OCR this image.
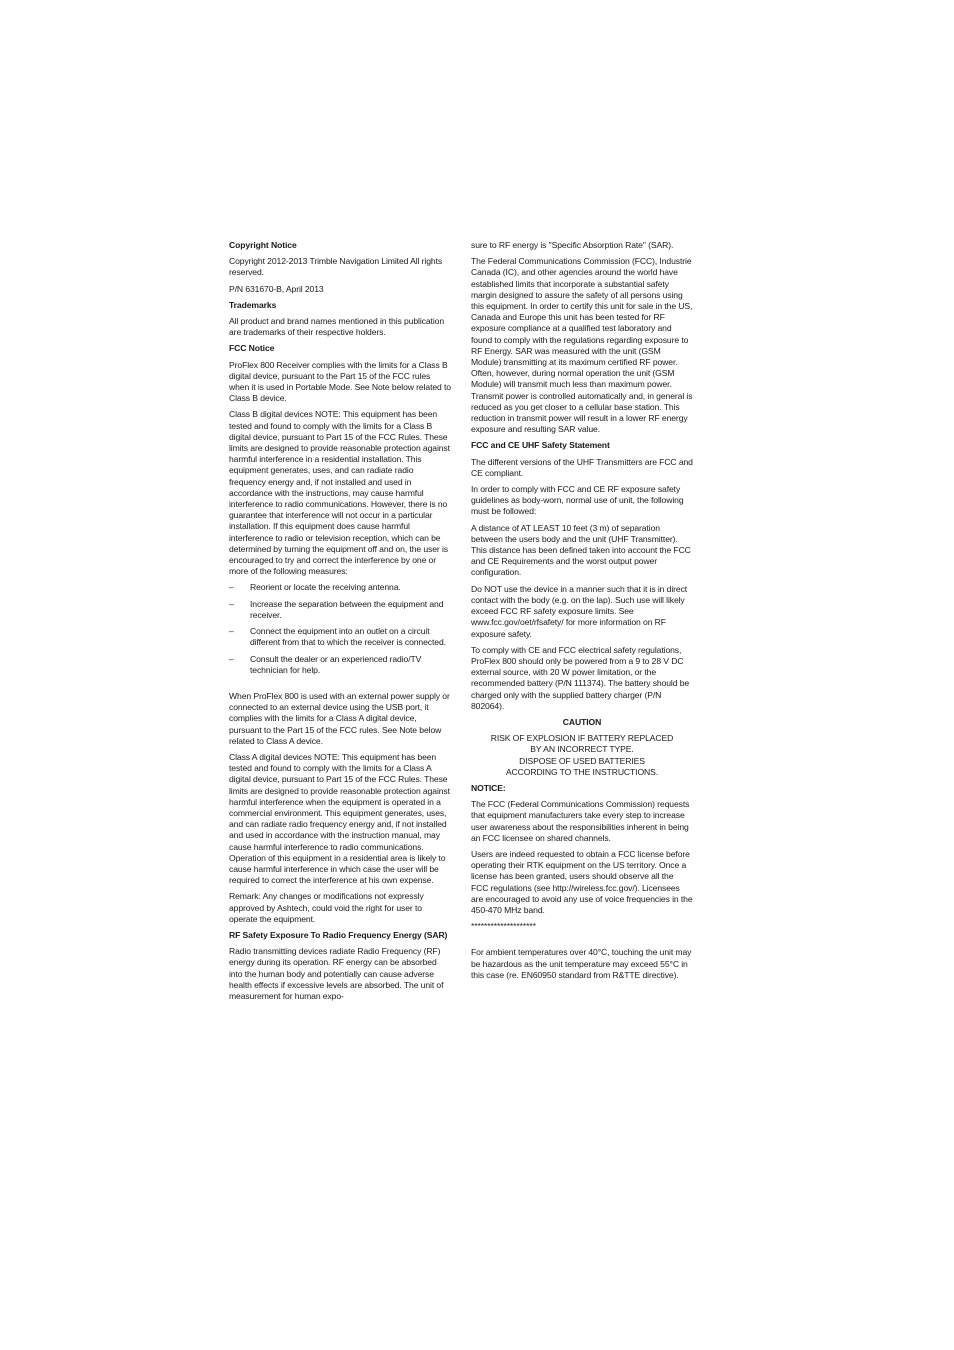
Copyright Notice

Copyright 2012-2013 Trimble Navigation Limited All rights reserved.

P/N 631670-B, April 2013

Trademarks

All product and brand names mentioned in this publication are trademarks of their respective holders.

FCC Notice

ProFlex 800 Receiver complies with the limits for a Class B digital device, pursuant to the Part 15 of the FCC rules when it is used in Portable Mode. See Note below related to Class B device.

Class B digital devices NOTE: This equipment has been tested and found to comply with the limits for a Class B digital device, pursuant to Part 15 of the FCC Rules. These limits are designed to provide reasonable protection against harmful interference in a residential installation. This equipment generates, uses, and can radiate radio frequency energy and, if not installed and used in accordance with the instructions, may cause harmful interference to radio communications. However, there is no guarantee that interference will not occur in a particular installation. If this equipment does cause harmful interference to radio or television reception, which can be determined by turning the equipment off and on, the user is encouraged to try and correct the interference by one or more of the following measures:

– Reorient or locate the receiving antenna.
– Increase the separation between the equipment and receiver.
– Connect the equipment into an outlet on a circuit different from that to which the receiver is connected.
– Consult the dealer or an experienced radio/TV technician for help.

When ProFlex 800 is used with an external power supply or connected to an external device using the USB port, it complies with the limits for a Class A digital device, pursuant to the Part 15 of the FCC rules. See Note below related to Class A device.

Class A digital devices NOTE: This equipment has been tested and found to comply with the limits for a Class A digital device, pursuant to Part 15 of the FCC Rules. These limits are designed to provide reasonable protection against harmful interference when the equipment is operated in a commercial environment. This equipment generates, uses, and can radiate radio frequency energy and, if not installed and used in accordance with the instruction manual, may cause harmful interference to radio communications. Operation of this equipment in a residential area is likely to cause harmful interference in which case the user will be required to correct the interference at his own expense.

Remark: Any changes or modifications not expressly approved by Ashtech, could void the right for user to operate the equipment.

RF Safety Exposure To Radio Frequency Energy (SAR)

Radio transmitting devices radiate Radio Frequency (RF) energy during its operation. RF energy can be absorbed into the human body and potentially can cause adverse health effects if excessive levels are absorbed. The unit of measurement for human expo-

sure to RF energy is "Specific Absorption Rate" (SAR).

The Federal Communications Commission (FCC), Industrie Canada (IC), and other agencies around the world have established limits that incorporate a substantial safety margin designed to assure the safety of all persons using this equipment. In order to certify this unit for sale in the US, Canada and Europe this unit has been tested for RF exposure compliance at a qualified test laboratory and found to comply with the regulations regarding exposure to RF Energy. SAR was measured with the unit (GSM Module) transmitting at its maximum certified RF power. Often, however, during normal operation the unit (GSM Module) will transmit much less than maximum power. Transmit power is controlled automatically and, in general is reduced as you get closer to a cellular base station. This reduction in transmit power will result in a lower RF energy exposure and resulting SAR value.

FCC and CE UHF Safety Statement

The different versions of the UHF Transmitters are FCC and CE compliant.

In order to comply with FCC and CE RF exposure safety guidelines as body-worn, normal use of unit, the following must be followed:

A distance of AT LEAST 10 feet (3 m) of separation between the users body and the unit (UHF Transmitter). This distance has been defined taken into account the FCC and CE Requirements and the worst output power configuration.

Do NOT use the device in a manner such that it is in direct contact with the body (e.g. on the lap). Such use will likely exceed FCC RF safety exposure limits. See www.fcc.gov/oet/rfsafety/ for more information on RF exposure safety.

To comply with CE and FCC electrical safety regulations, ProFlex 800 should only be powered from a 9 to 28 V DC external source, with 20 W power limitation, or the recommended battery (P/N 111374). The battery should be charged only with the supplied battery charger (P/N 802064).

CAUTION

RISK OF EXPLOSION IF BATTERY REPLACED
BY AN INCORRECT TYPE.
DISPOSE OF USED BATTERIES
ACCORDING TO THE INSTRUCTIONS.

NOTICE:

The FCC (Federal Communications Commission) requests that equipment manufacturers take every step to increase user awareness about the responsibilities inherent in being an FCC licensee on shared channels.

Users are indeed requested to obtain a FCC license before operating their RTK equipment on the US territory. Once a license has been granted, users should observe all the FCC regulations (see http://wireless.fcc.gov/). Licensees are encouraged to avoid any use of voice frequencies in the 450-470 MHz band.

********************

For ambient temperatures over 40°C, touching the unit may be hazardous as the unit temperature may exceed 55°C in this case (re. EN60950 standard from R&TTE directive).
